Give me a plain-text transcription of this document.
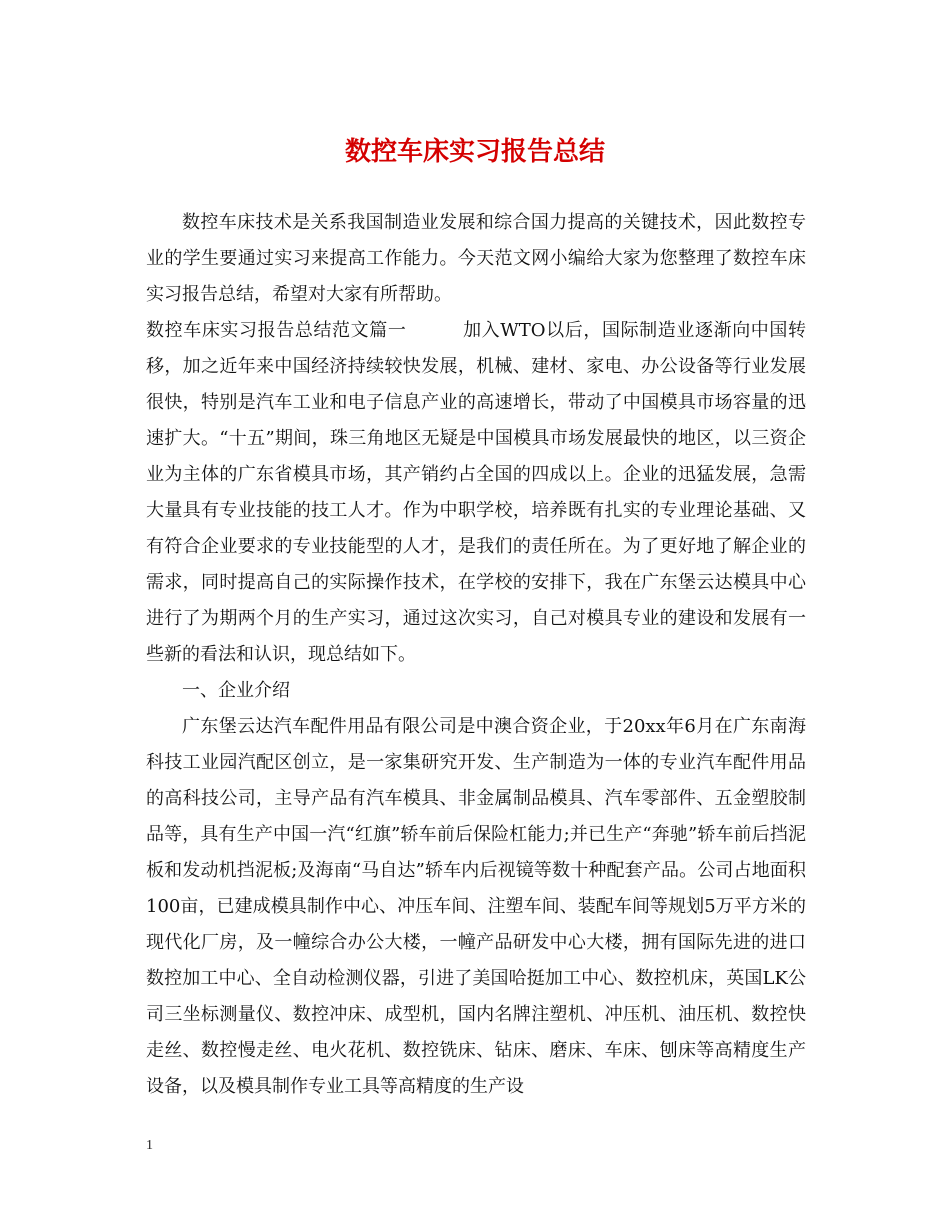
数控车床实习报告总结

数控车床技术是关系我国制造业发展和综合国力提高的关键技术，因此数控专业的学生要通过实习来提高工作能力。今天范文网小编给大家为您整理了数控车床实习报告总结，希望对大家有所帮助。

数控车床实习报告总结范文篇一	加入WTO以后，国际制造业逐渐向中国转移，加之近年来中国经济持续较快发展，机械、建材、家电、办公设备等行业发展很快，特别是汽车工业和电子信息产业的高速增长，带动了中国模具市场容量的迅速扩大。“十五”期间，珠三角地区无疑是中国模具市场发展最快的地区，以三资企业为主体的广东省模具市场，其产销约占全国的四成以上。企业的迅猛发展，急需大量具有专业技能的技工人才。作为中职学校，培养既有扎实的专业理论基础、又有符合企业要求的专业技能型的人才，是我们的责任所在。为了更好地了解企业的需求，同时提高自己的实际操作技术，在学校的安排下，我在广东堡云达模具中心进行了为期两个月的生产实习，通过这次实习，自己对模具专业的建设和发展有一些新的看法和认识，现总结如下。

一、企业介绍

广东堡云达汽车配件用品有限公司是中澳合资企业，于20xx年6月在广东南海科技工业园汽配区创立，是一家集研究开发、生产制造为一体的专业汽车配件用品的高科技公司，主导产品有汽车模具、非金属制品模具、汽车零部件、五金塑胶制品等，具有生产中国一汽“红旗”轿车前后保险杠能力;并已生产“奔驰”轿车前后挡泥板和发动机挡泥板;及海南“马自达”轿车内后视镜等数十种配套产品。公司占地面积100亩，已建成模具制作中心、冲压车间、注塑车间、装配车间等规划5万平方米的现代化厂房，及一幢综合办公大楼，一幢产品研发中心大楼，拥有国际先进的进口数控加工中心、全自动检测仪器，引进了美国哈挺加工中心、数控机床，英国LK公司三坐标测量仪、数控冲床、成型机，国内名牌注塑机、冲压机、油压机、数控快走丝、数控慢走丝、电火花机、数控铣床、钻床、磨床、车床、刨床等高精度生产设备，以及模具制作专业工具等高精度的生产设

1
